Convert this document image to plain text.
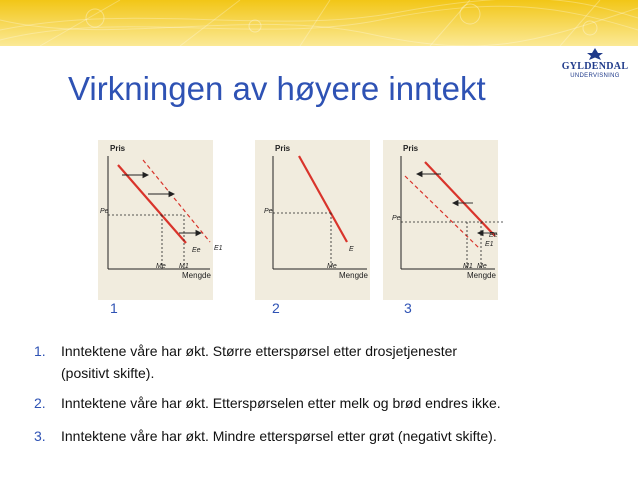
Virkningen av høyere inntekt
GYLDENDAL
UNDERVISNING
Pris
Mengde
Pe
Me M1
Ee E1
Pris
Mengde
Pe
Me
E
Pris
Mengde
Pe
M1 Me
E1
Ee
1	2	3
1. Inntektene våre har økt. Større etterspørsel etter drosjetjenester
(positivt skifte).
2. Inntektene våre har økt. Etterspørselen etter melk og brød endres ikke.
3. Inntektene våre har økt. Mindre etterspørsel etter grøt (negativt skifte).
